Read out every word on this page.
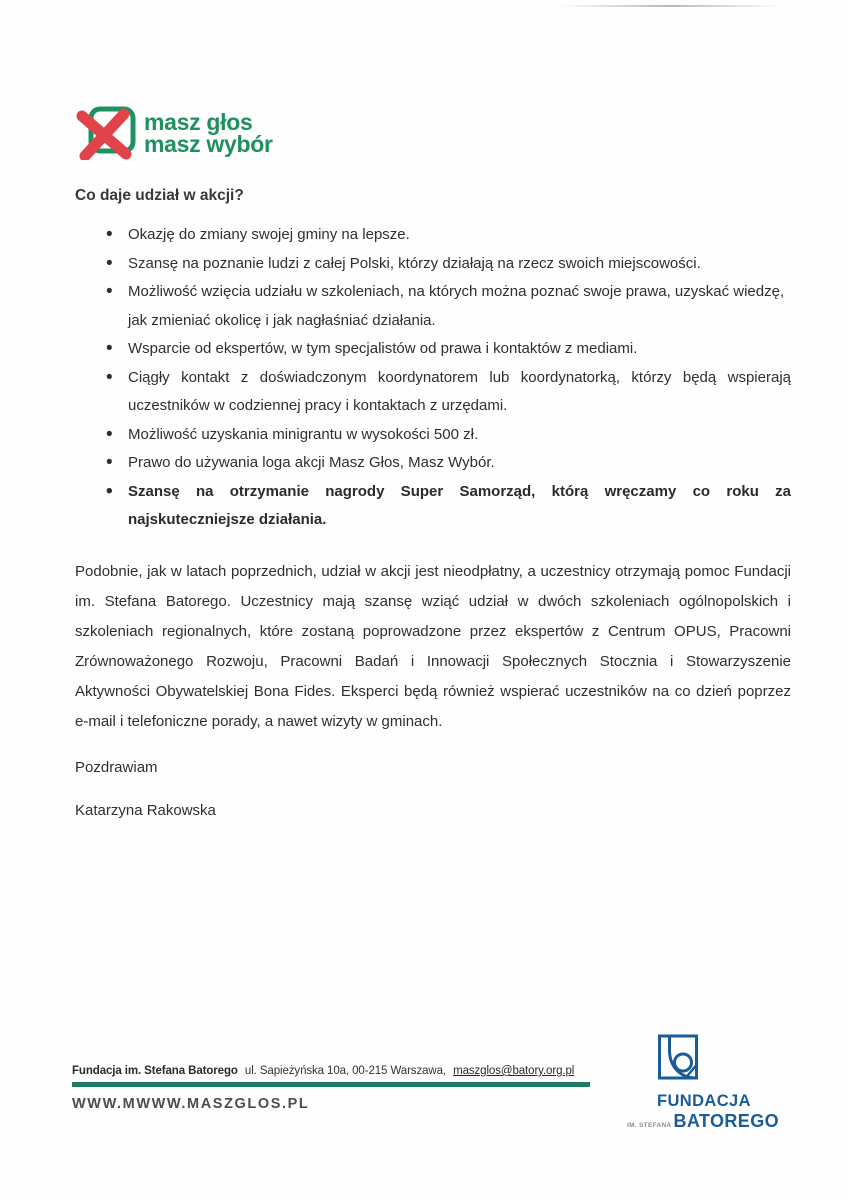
masz głos
masz wybór
Co daje udział w akcji?
• Okazję do zmiany swojej gminy na lepsze.
• Szansę na poznanie ludzi z całej Polski, którzy działają na rzecz swoich miejscowości.
• Możliwość wzięcia udziału w szkoleniach, na których można poznać swoje prawa, uzyskać wiedzę, jak zmieniać okolicę i jak nagłaśniać działania.
• Wsparcie od ekspertów, w tym specjalistów od prawa i kontaktów z mediami.
• Ciągły kontakt z doświadczonym koordynatorem lub koordynatorką, którzy będą wspierają uczestników w codziennej pracy i kontaktach z urzędami.
• Możliwość uzyskania minigrantu w wysokości 500 zł.
• Prawo do używania loga akcji Masz Głos, Masz Wybór.
• Szansę na otrzymanie nagrody Super Samorząd, którą wręczamy co roku za najskuteczniejsze działania.

Podobnie, jak w latach poprzednich, udział w akcji jest nieodpłatny, a uczestnicy otrzymają pomoc Fundacji im. Stefana Batorego. Uczestnicy mają szansę wziąć udział w dwóch szkoleniach ogólnopolskich i szkoleniach regionalnych, które zostaną poprowadzone przez ekspertów z Centrum OPUS, Pracowni Zrównoważonego Rozwoju, Pracowni Badań i Innowacji Społecznych Stocznia i Stowarzyszenie Aktywności Obywatelskiej Bona Fides. Eksperci będą również wspierać uczestników na co dzień poprzez e-mail i telefoniczne porady, a nawet wizyty w gminach.

Pozdrawiam

Katarzyna Rakowska

Fundacja im. Stefana Batorego ul. Sapieżyńska 10a, 00-215 Warszawa, maszglos@batory.org.pl
WWW.MWWW.MASZGLOS.PL	FUNDACJA
IM. STEFANA BATOREGO
